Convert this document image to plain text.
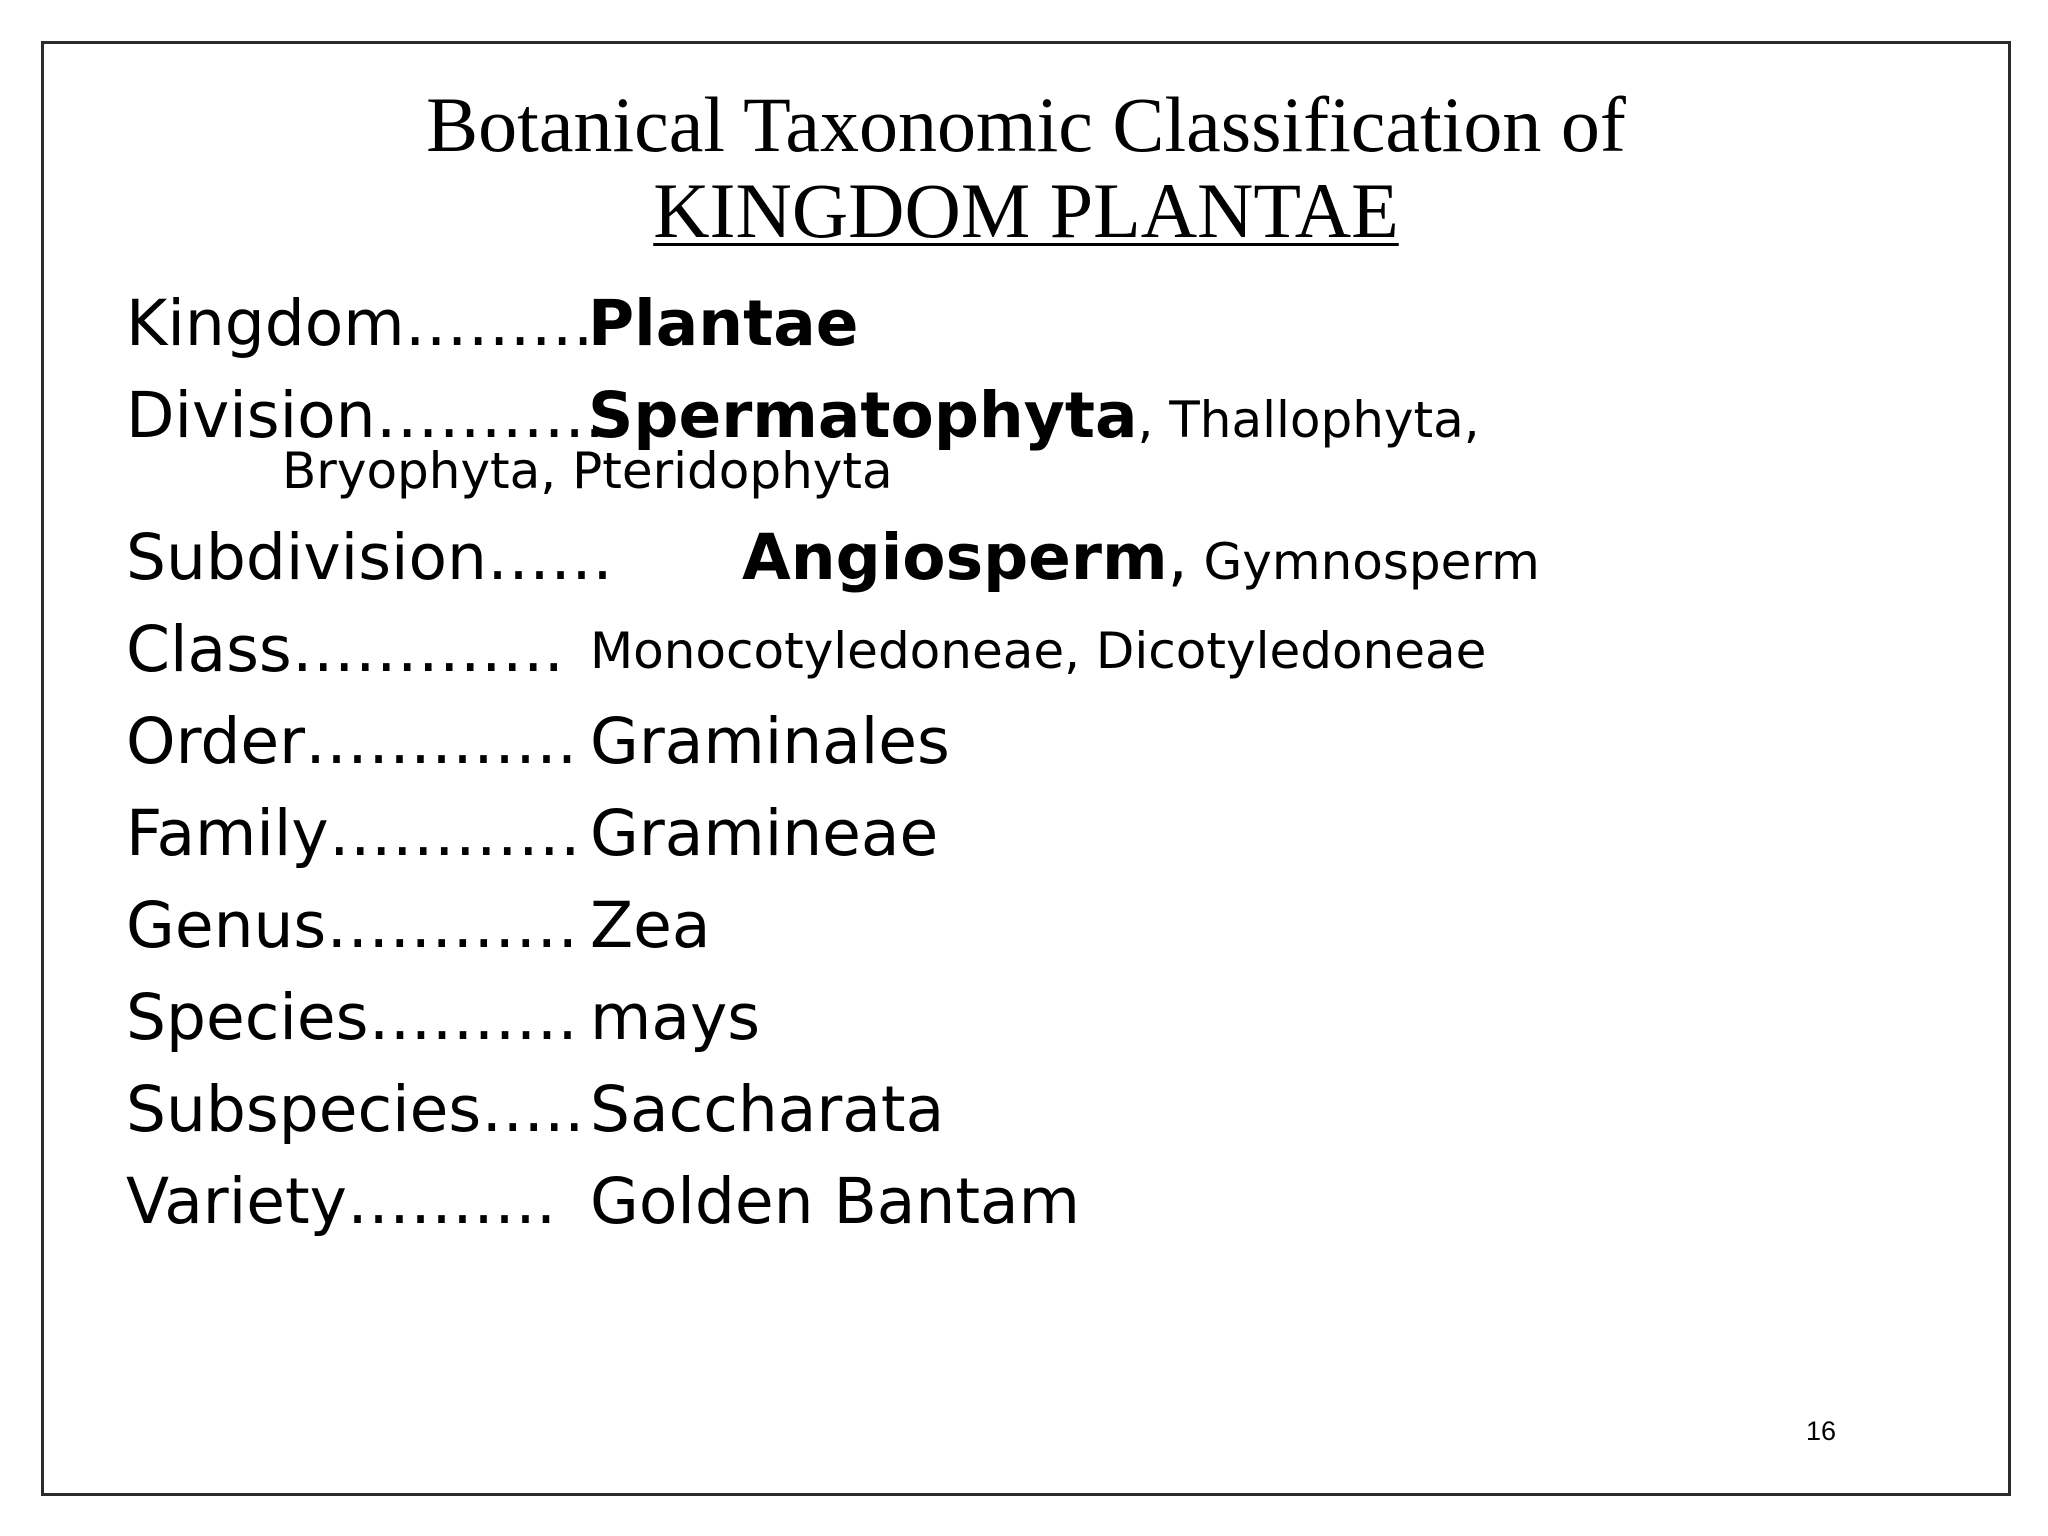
Botanical Taxonomic Classification of
KINGDOM PLANTAE
Kingdom………
Plantae
Division………..
Spermatophyta, Thallophyta,
Bryophyta, Pteridophyta
Subdivision…… Angiosperm, Gymnosperm
Class…………. Monocotyledoneae, Dicotyledoneae
Order…………. Graminales
Family………… Gramineae
Genus………… Zea
Species………. mays
Subspecies….. Saccharata
Variety………. Golden Bantam
16
